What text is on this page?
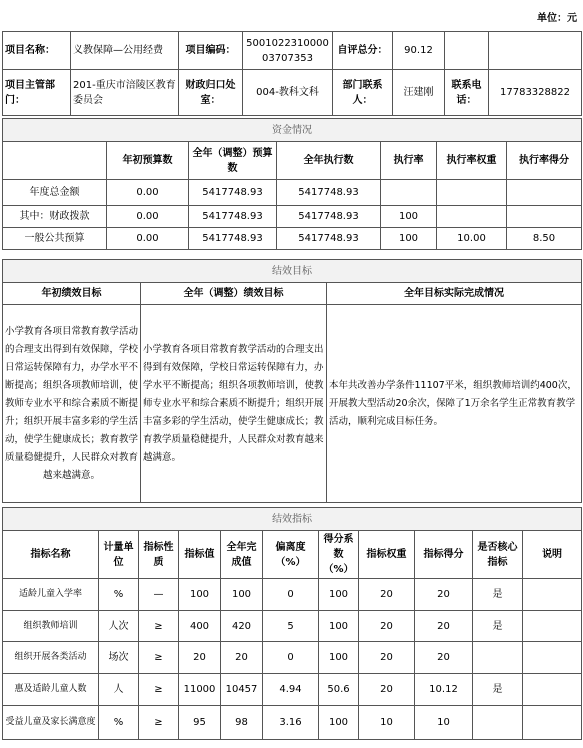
单位：元
项目名称：	义教保障—公用经费	项目编码：	500102231000003707353	自评总分：	90.12		
项目主管部门：	201-重庆市涪陵区教育委员会	财政归口处室：	004-教科文科	部门联系人：	汪建刚	联系电话：	17783328822
资金情况						
	年初预算数	全年（调整）预算数	全年执行数	执行率	执行率权重	执行率得分
年度总金额	0.00	5417748.93	5417748.93			
其中：财政拨款	0.00	5417748.93	5417748.93	100		
一般公共预算	0.00	5417748.93	5417748.93	100	10.00	8.50
结效目标		
年初绩效目标	全年（调整）绩效目标	全年目标实际完成情况
小学教育各项目常教育教学活动的合理支出得到有效保障，学校日常运转保障有力，办学水平不断提高；组织各项教师培训，使教师专业水平和综合素质不断提升；组织开展丰富多彩的学生活动，使学生健康成长；教育教学质量稳健提升，人民群众对教育越来越满意。	小学教育各项目常教育教学活动的合理支出得到有效保障，学校日常运转保障有力，办学水平不断提高；组织各项教师培训，使教师专业水平和综合素质不断提升；组织开展丰富多彩的学生活动，使学生健康成长；教育教学质量稳健提升，人民群众对教育越来越满意。	本年共改善办学条件11107平米，组织教师培训约400次，开展教大型活动20余次，保障了1万余名学生正常教育教学活动，顺利完成目标任务。
结效指标										
指标名称	计量单位	指标性质	指标值	全年完成值	偏离度（%）	得分系数（%）	指标权重	指标得分	是否核心指标	说明
适龄儿童入学率	%	—	100	100	0	100	20	20	是	
组织教师培训	人次	≥	400	420	5	100	20	20	是	
组织开展各类活动	场次	≥	20	20	0	100	20	20		
惠及适龄儿童人数	人	≥	11000	10457	4.94	50.6	20	10.12	是	
受益儿童及家长满意度	%	≥	95	98	3.16	100	10	10		
